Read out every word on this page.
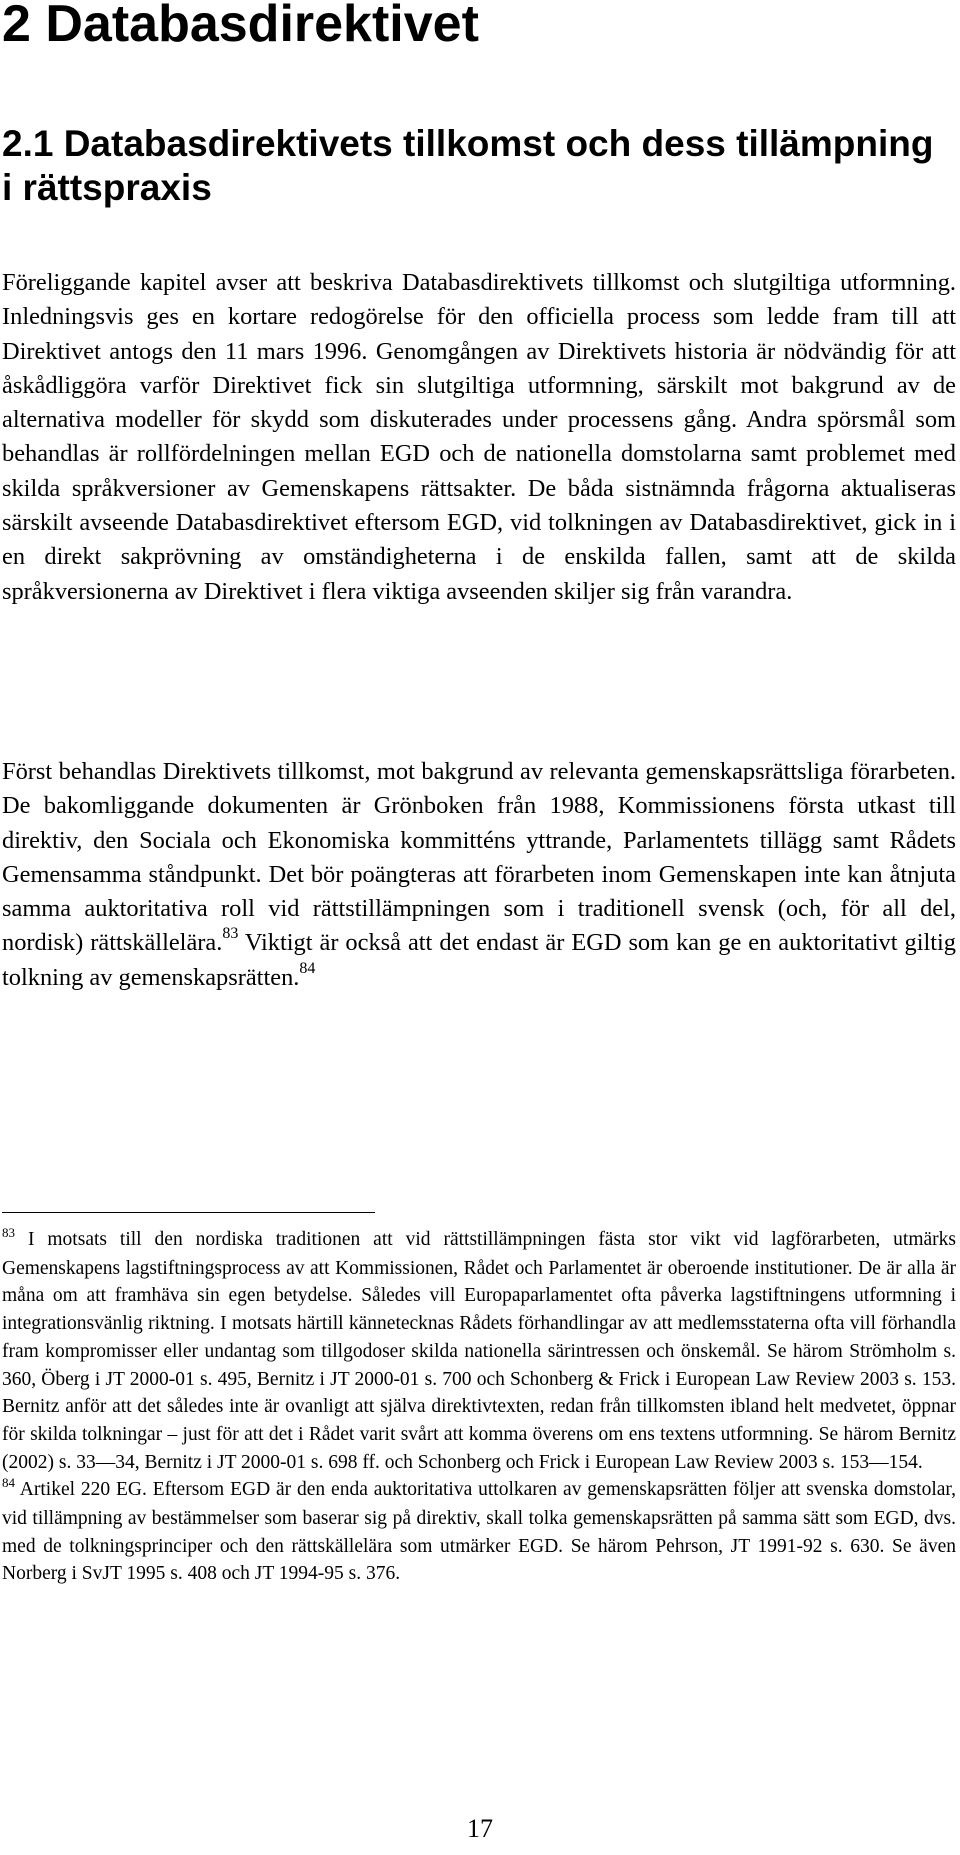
2 Databasdirektivet
2.1 Databasdirektivets tillkomst och dess tillämpning i rättspraxis

Föreliggande kapitel avser att beskriva Databasdirektivets tillkomst och slutgiltiga utformning. Inledningsvis ges en kortare redogörelse för den officiella process som ledde fram till att Direktivet antogs den 11 mars 1996. Genomgången av Direktivets historia är nödvändig för att åskådliggöra varför Direktivet fick sin slutgiltiga utformning, särskilt mot bakgrund av de alternativa modeller för skydd som diskuterades under processens gång. Andra spörsmål som behandlas är rollfördelningen mellan EGD och de nationella domstolarna samt problemet med skilda språkversioner av Gemenskapens rättsakter. De båda sistnämnda frågorna aktualiseras särskilt avseende Databasdirektivet eftersom EGD, vid tolkningen av Databasdirektivet, gick in i en direkt sakprövning av omständigheterna i de enskilda fallen, samt att de skilda språkversionerna av Direktivet i flera viktiga avseenden skiljer sig från varandra.

Först behandlas Direktivets tillkomst, mot bakgrund av relevanta gemenskapsrättsliga förarbeten. De bakomliggande dokumenten är Grönboken från 1988, Kommissionens första utkast till direktiv, den Sociala och Ekonomiska kommitténs yttrande, Parlamentets tillägg samt Rådets Gemensamma ståndpunkt. Det bör poängteras att förarbeten inom Gemenskapen inte kan åtnjuta samma auktoritativa roll vid rättstillämpningen som i traditionell svensk (och, för all del, nordisk) rättskällelära.$^{83}$ Viktigt är också att det endast är EGD som kan ge en auktoritativt giltig tolkning av gemenskapsrätten.$^{84}$

$^{83}$ I motsats till den nordiska traditionen att vid rättstillämpningen fästa stor vikt vid lagförarbeten, utmärks Gemenskapens lagstiftningsprocess av att Kommissionen, Rådet och Parlamentet är oberoende institutioner. De är alla är måna om att framhäva sin egen betydelse. Således vill Europaparlamentet ofta påverka lagstiftningens utformning i integrationsvänlig riktning. I motsats härtill kännetecknas Rådets förhandlingar av att medlemsstaterna ofta vill förhandla fram kompromisser eller undantag som tillgodoser skilda nationella särintressen och önskemål. Se härom Strömholm s. 360, Öberg i JT 2000-01 s. 495, Bernitz i JT 2000-01 s. 700 och Schonberg & Frick i European Law Review 2003 s. 153. Bernitz anför att det således inte är ovanligt att själva direktivtexten, redan från tillkomsten ibland helt medvetet, öppnar för skilda tolkningar – just för att det i Rådet varit svårt att komma överens om ens textens utformning. Se härom Bernitz (2002) s. 33—34, Bernitz i JT 2000-01 s. 698 ff. och Schonberg och Frick i European Law Review 2003 s. 153—154.

$^{84}$ Artikel 220 EG. Eftersom EGD är den enda auktoritativa uttolkaren av gemenskapsrätten följer att svenska domstolar, vid tillämpning av bestämmelser som baserar sig på direktiv, skall tolka gemenskapsrätten på samma sätt som EGD, dvs. med de tolkningsprinciper och den rättskällelära som utmärker EGD. Se härom Pehrson, JT 1991-92 s. 630. Se även Norberg i SvJT 1995 s. 408 och JT 1994-95 s. 376.

17
